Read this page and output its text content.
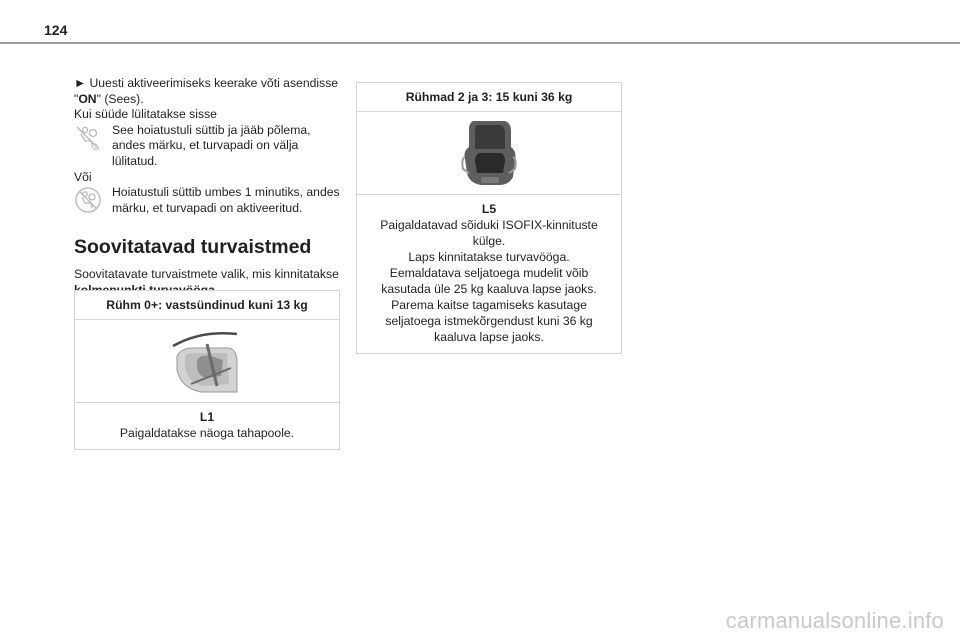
124

► Uuesti aktiveerimiseks keerake võti asendisse "ON" (Sees).

Kui süüde lülitatakse sisse

2
See hoiatustuli süttib ja jääb põlema, andes märku, et turvapadi on välja lülitatud.

Või

Hoiatustuli süttib umbes 1 minutiks, andes märku, et turvapadi on aktiveeritud.

Soovitatavad turvaistmed

Soovitatavate turvaistmete valik, mis kinnitatakse

Rühm 0+: vastsündinud kuni 13 kg
L1
Paigaldatakse näoga tahapoole.
Rühmad 2 ja 3: 15 kuni 36 kg
L5
Paigaldatavad sõiduki ISOFIX-kinnituste külge.
Laps kinnitatakse turvavööga.
Eemaldatava seljatoega mudelit võib kasutada üle 25 kg kaaluva lapse jaoks.
Parema kaitse tagamiseks kasutage seljatoega istmekõrgendust kuni 36 kg kaaluva lapse jaoks.
carmanualsonline.info
